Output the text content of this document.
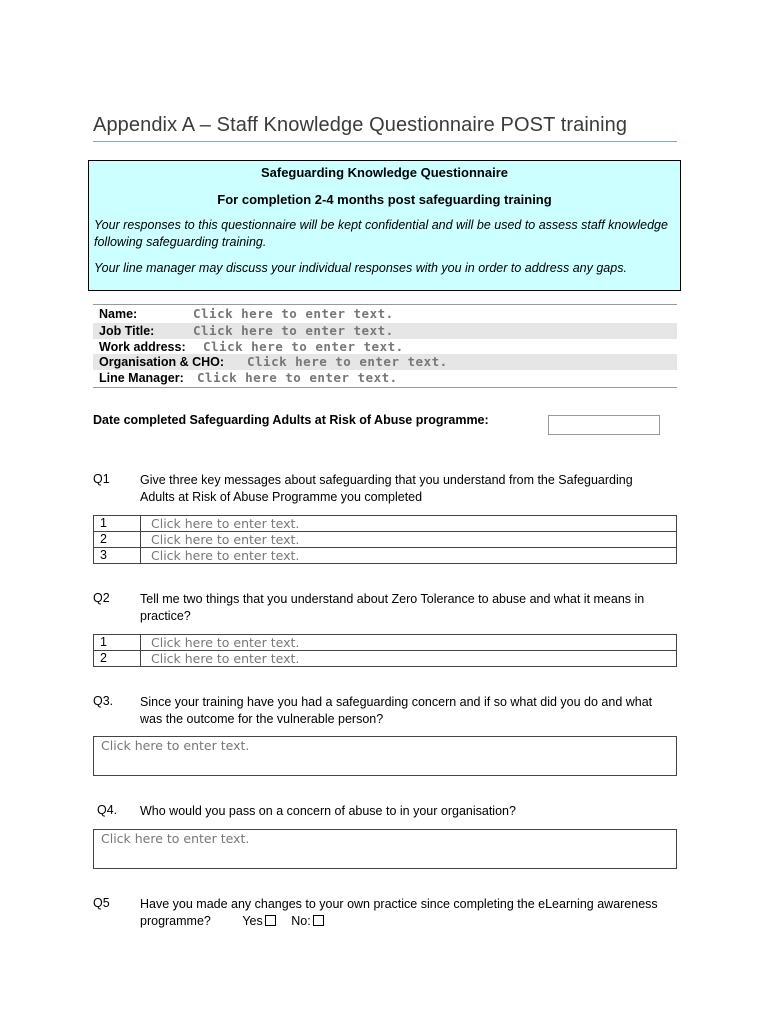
Appendix A – Staff Knowledge Questionnaire POST training
Safeguarding Knowledge Questionnaire
For completion 2-4 months post safeguarding training
Your responses to this questionnaire will be kept confidential and will be used to assess staff knowledge following safeguarding training.
Your line manager may discuss your individual responses with you in order to address any gaps.
Name:	Click here to enter text.
Job Title:	Click here to enter text.
Work address: Click here to enter text.
Organisation & CHO: Click here to enter text.
Line Manager: Click here to enter text.
Date completed Safeguarding Adults at Risk of Abuse programme:
Q1 Give three key messages about safeguarding that you understand from the Safeguarding Adults at Risk of Abuse Programme you completed
1	Click here to enter text.
2	Click here to enter text.
3	Click here to enter text.
Q2 Tell me two things that you understand about Zero Tolerance to abuse and what it means in practice?
1	Click here to enter text.
2	Click here to enter text.
Q3. Since your training have you had a safeguarding concern and if so what did you do and what was the outcome for the vulnerable person?
Click here to enter text.
Q4. Who would you pass on a concern of abuse to in your organisation?
Click here to enter text.
Q5 Have you made any changes to your own practice since completing the eLearning awareness programme?	Yes No:
